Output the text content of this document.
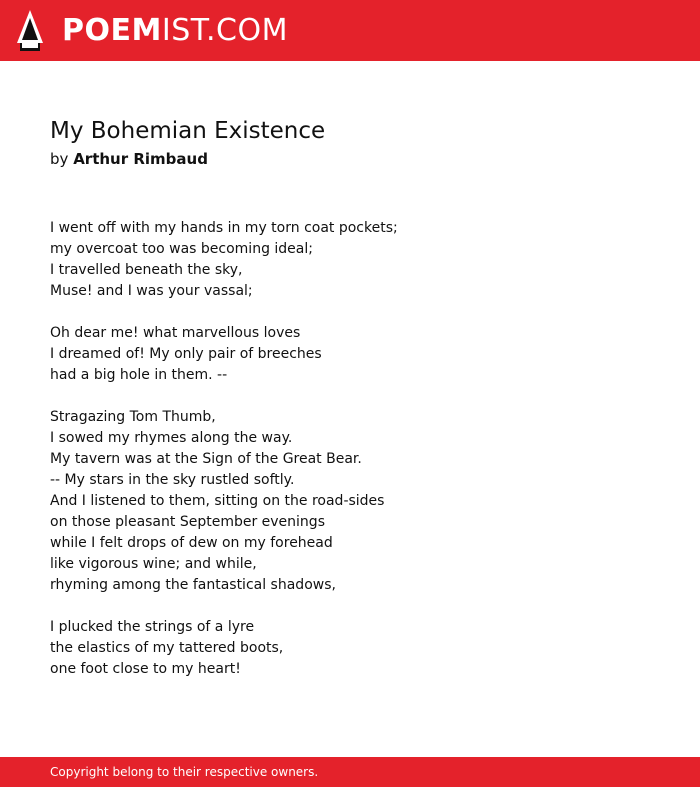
POEMIST.COM
My Bohemian Existence
by Arthur Rimbaud
I went off with my hands in my torn coat pockets;
my overcoat too was becoming ideal;
I travelled beneath the sky,
Muse! and I was your vassal;
Oh dear me! what marvellous loves
I dreamed of! My only pair of breeches
had a big hole in them. --
Stragazing Tom Thumb,
I sowed my rhymes along the way.
My tavern was at the Sign of the Great Bear.
-- My stars in the sky rustled softly.
And I listened to them, sitting on the road-sides
on those pleasant September evenings
while I felt drops of dew on my forehead
like vigorous wine; and while,
rhyming among the fantastical shadows,
I plucked the strings of a lyre
the elastics of my tattered boots,
one foot close to my heart!
Copyright belong to their respective owners.
